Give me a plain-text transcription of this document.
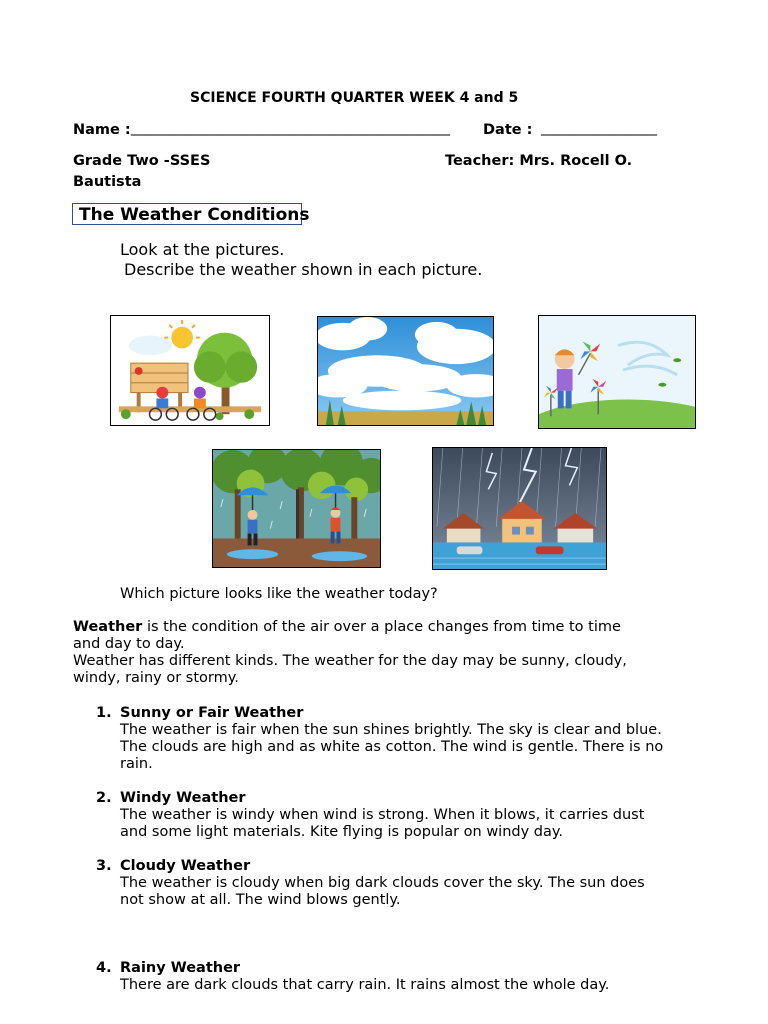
SCIENCE FOURTH QUARTER WEEK 4 and 5
Name : ____________________________________________ Date : ________________
Grade Two -SSES	Teacher: Mrs. Rocell O.
Bautista
The Weather Conditions
Look at the pictures.
Describe the weather shown in each picture.
Which picture looks like the weather today?
Weather is the condition of the air over a place changes from time to time
and day to day.
Weather has different kinds. The weather for the day may be sunny, cloudy,
windy, rainy or stormy.
1. Sunny or Fair Weather
The weather is fair when the sun shines brightly. The sky is clear and blue. The clouds are high and as white as cotton. The wind is gentle. There is no rain.
2. Windy Weather
The weather is windy when wind is strong. When it blows, it carries dust and some light materials. Kite flying is popular on windy day.
3. Cloudy Weather
The weather is cloudy when big dark clouds cover the sky. The sun does not show at all. The wind blows gently.
4. Rainy Weather
There are dark clouds that carry rain. It rains almost the whole day.
